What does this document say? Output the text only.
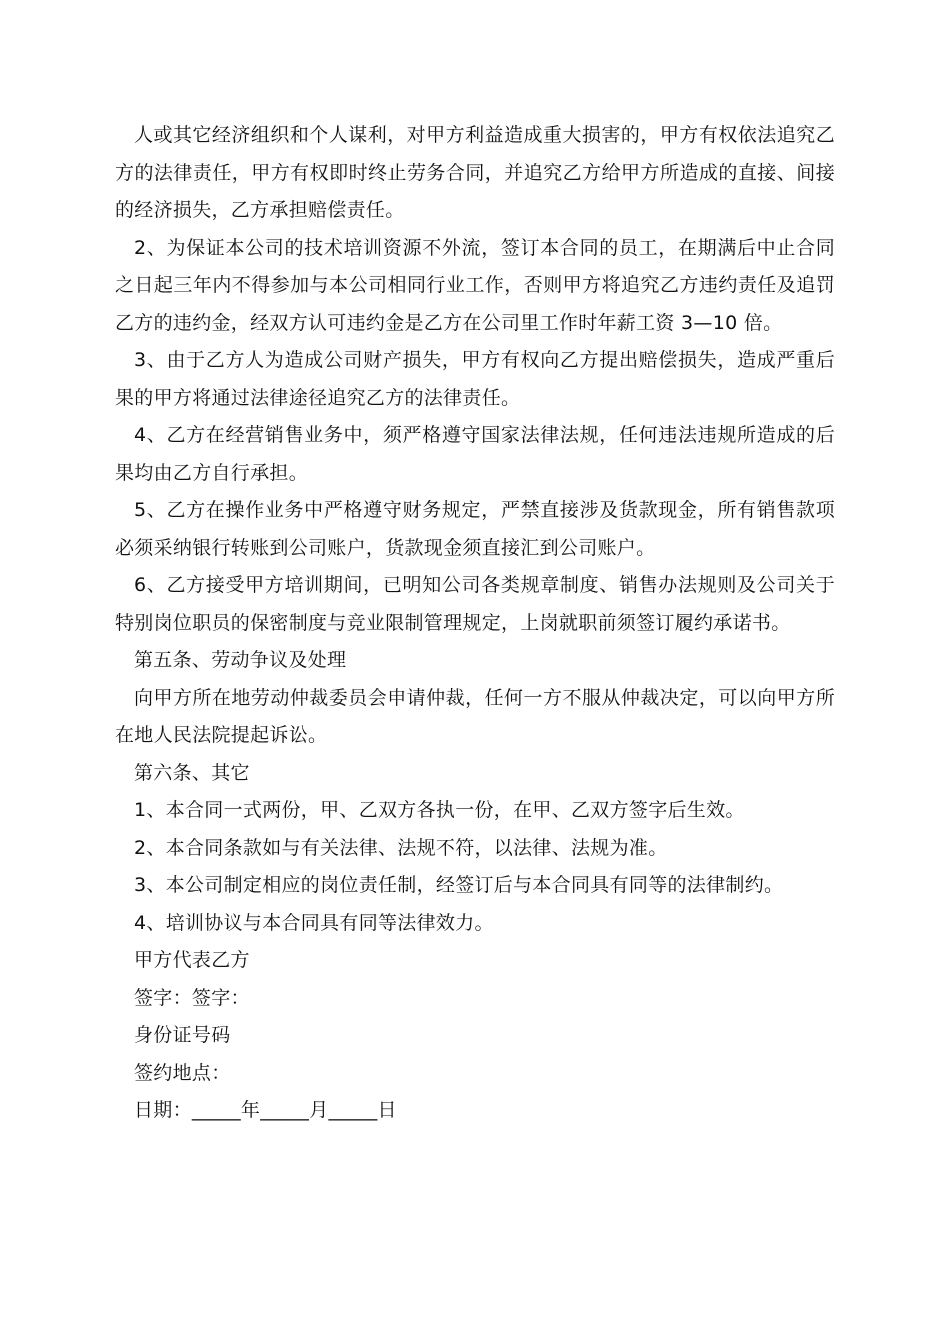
人或其它经济组织和个人谋利，对甲方利益造成重大损害的，甲方有权依法追究乙方的法律责任，甲方有权即时终止劳务合同，并追究乙方给甲方所造成的直接、间接的经济损失，乙方承担赔偿责任。

2、为保证本公司的技术培训资源不外流，签订本合同的员工，在期满后中止合同之日起三年内不得参加与本公司相同行业工作，否则甲方将追究乙方违约责任及追罚乙方的违约金，经双方认可违约金是乙方在公司里工作时年薪工资 3—10 倍。

3、由于乙方人为造成公司财产损失，甲方有权向乙方提出赔偿损失，造成严重后果的甲方将通过法律途径追究乙方的法律责任。

4、乙方在经营销售业务中，须严格遵守国家法律法规，任何违法违规所造成的后果均由乙方自行承担。

5、乙方在操作业务中严格遵守财务规定，严禁直接涉及货款现金，所有销售款项必须采纳银行转账到公司账户，货款现金须直接汇到公司账户。

6、乙方接受甲方培训期间，已明知公司各类规章制度、销售办法规则及公司关于特别岗位职员的保密制度与竞业限制管理规定，上岗就职前须签订履约承诺书。

第五条、劳动争议及处理

向甲方所在地劳动仲裁委员会申请仲裁，任何一方不服从仲裁决定，可以向甲方所在地人民法院提起诉讼。

第六条、其它

1、本合同一式两份，甲、乙双方各执一份，在甲、乙双方签字后生效。

2、本合同条款如与有关法律、法规不符，以法律、法规为准。

3、本公司制定相应的岗位责任制，经签订后与本合同具有同等的法律制约。

4、培训协议与本合同具有同等法律效力。

甲方代表乙方

签字：签字：

身份证号码

签约地点：

日期：_____年_____月_____日
